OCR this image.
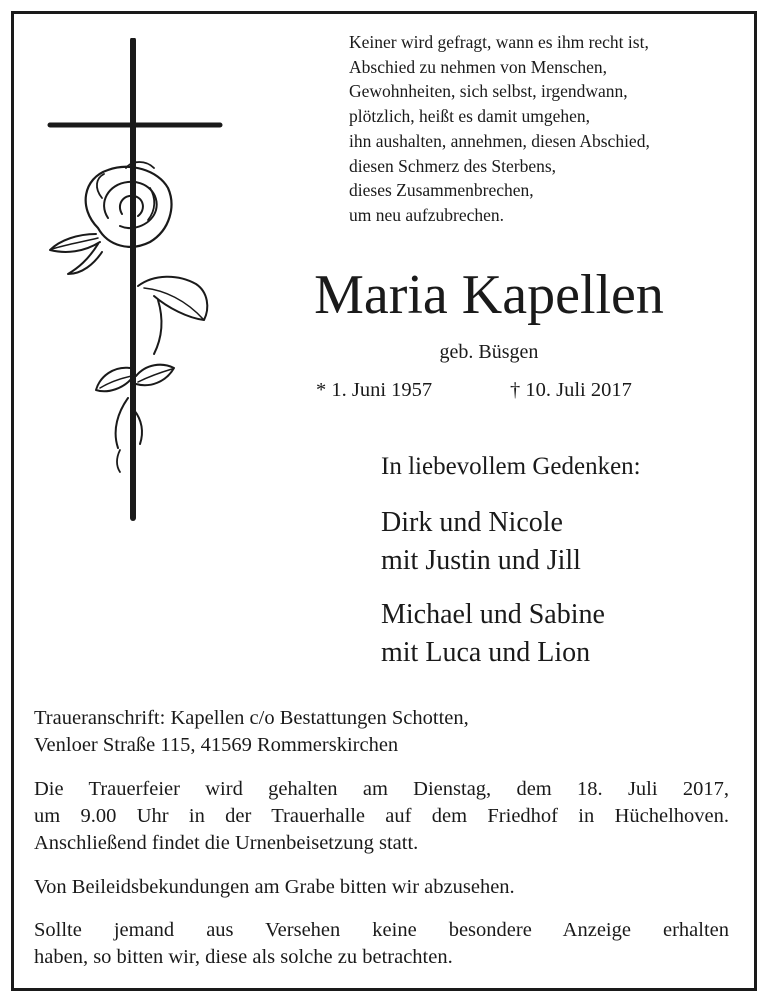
Keiner wird gefragt, wann es ihm recht ist,
Abschied zu nehmen von Menschen,
Gewohnheiten, sich selbst, irgendwann,
plötzlich, heißt es damit umgehen,
ihn aushalten, annehmen, diesen Abschied,
diesen Schmerz des Sterbens,
dieses Zusammenbrechen,
um neu aufzubrechen.
Maria Kapellen
geb. Büsgen
* 1. Juni 1957	† 10. Juli 2017
In liebevollem Gedenken:
Dirk und Nicole
mit Justin und Jill
Michael und Sabine
mit Luca und Lion
Traueranschrift: Kapellen c/o Bestattungen Schotten,
Venloer Straße 115, 41569 Rommerskirchen
Die Trauerfeier wird gehalten am Dienstag, dem 18. Juli 2017,
um 9.00 Uhr in der Trauerhalle auf dem Friedhof in Hüchelhoven.
Anschließend findet die Urnenbeisetzung statt.
Von Beileidsbekundungen am Grabe bitten wir abzusehen.
Sollte jemand aus Versehen keine besondere Anzeige erhalten
haben, so bitten wir, diese als solche zu betrachten.
